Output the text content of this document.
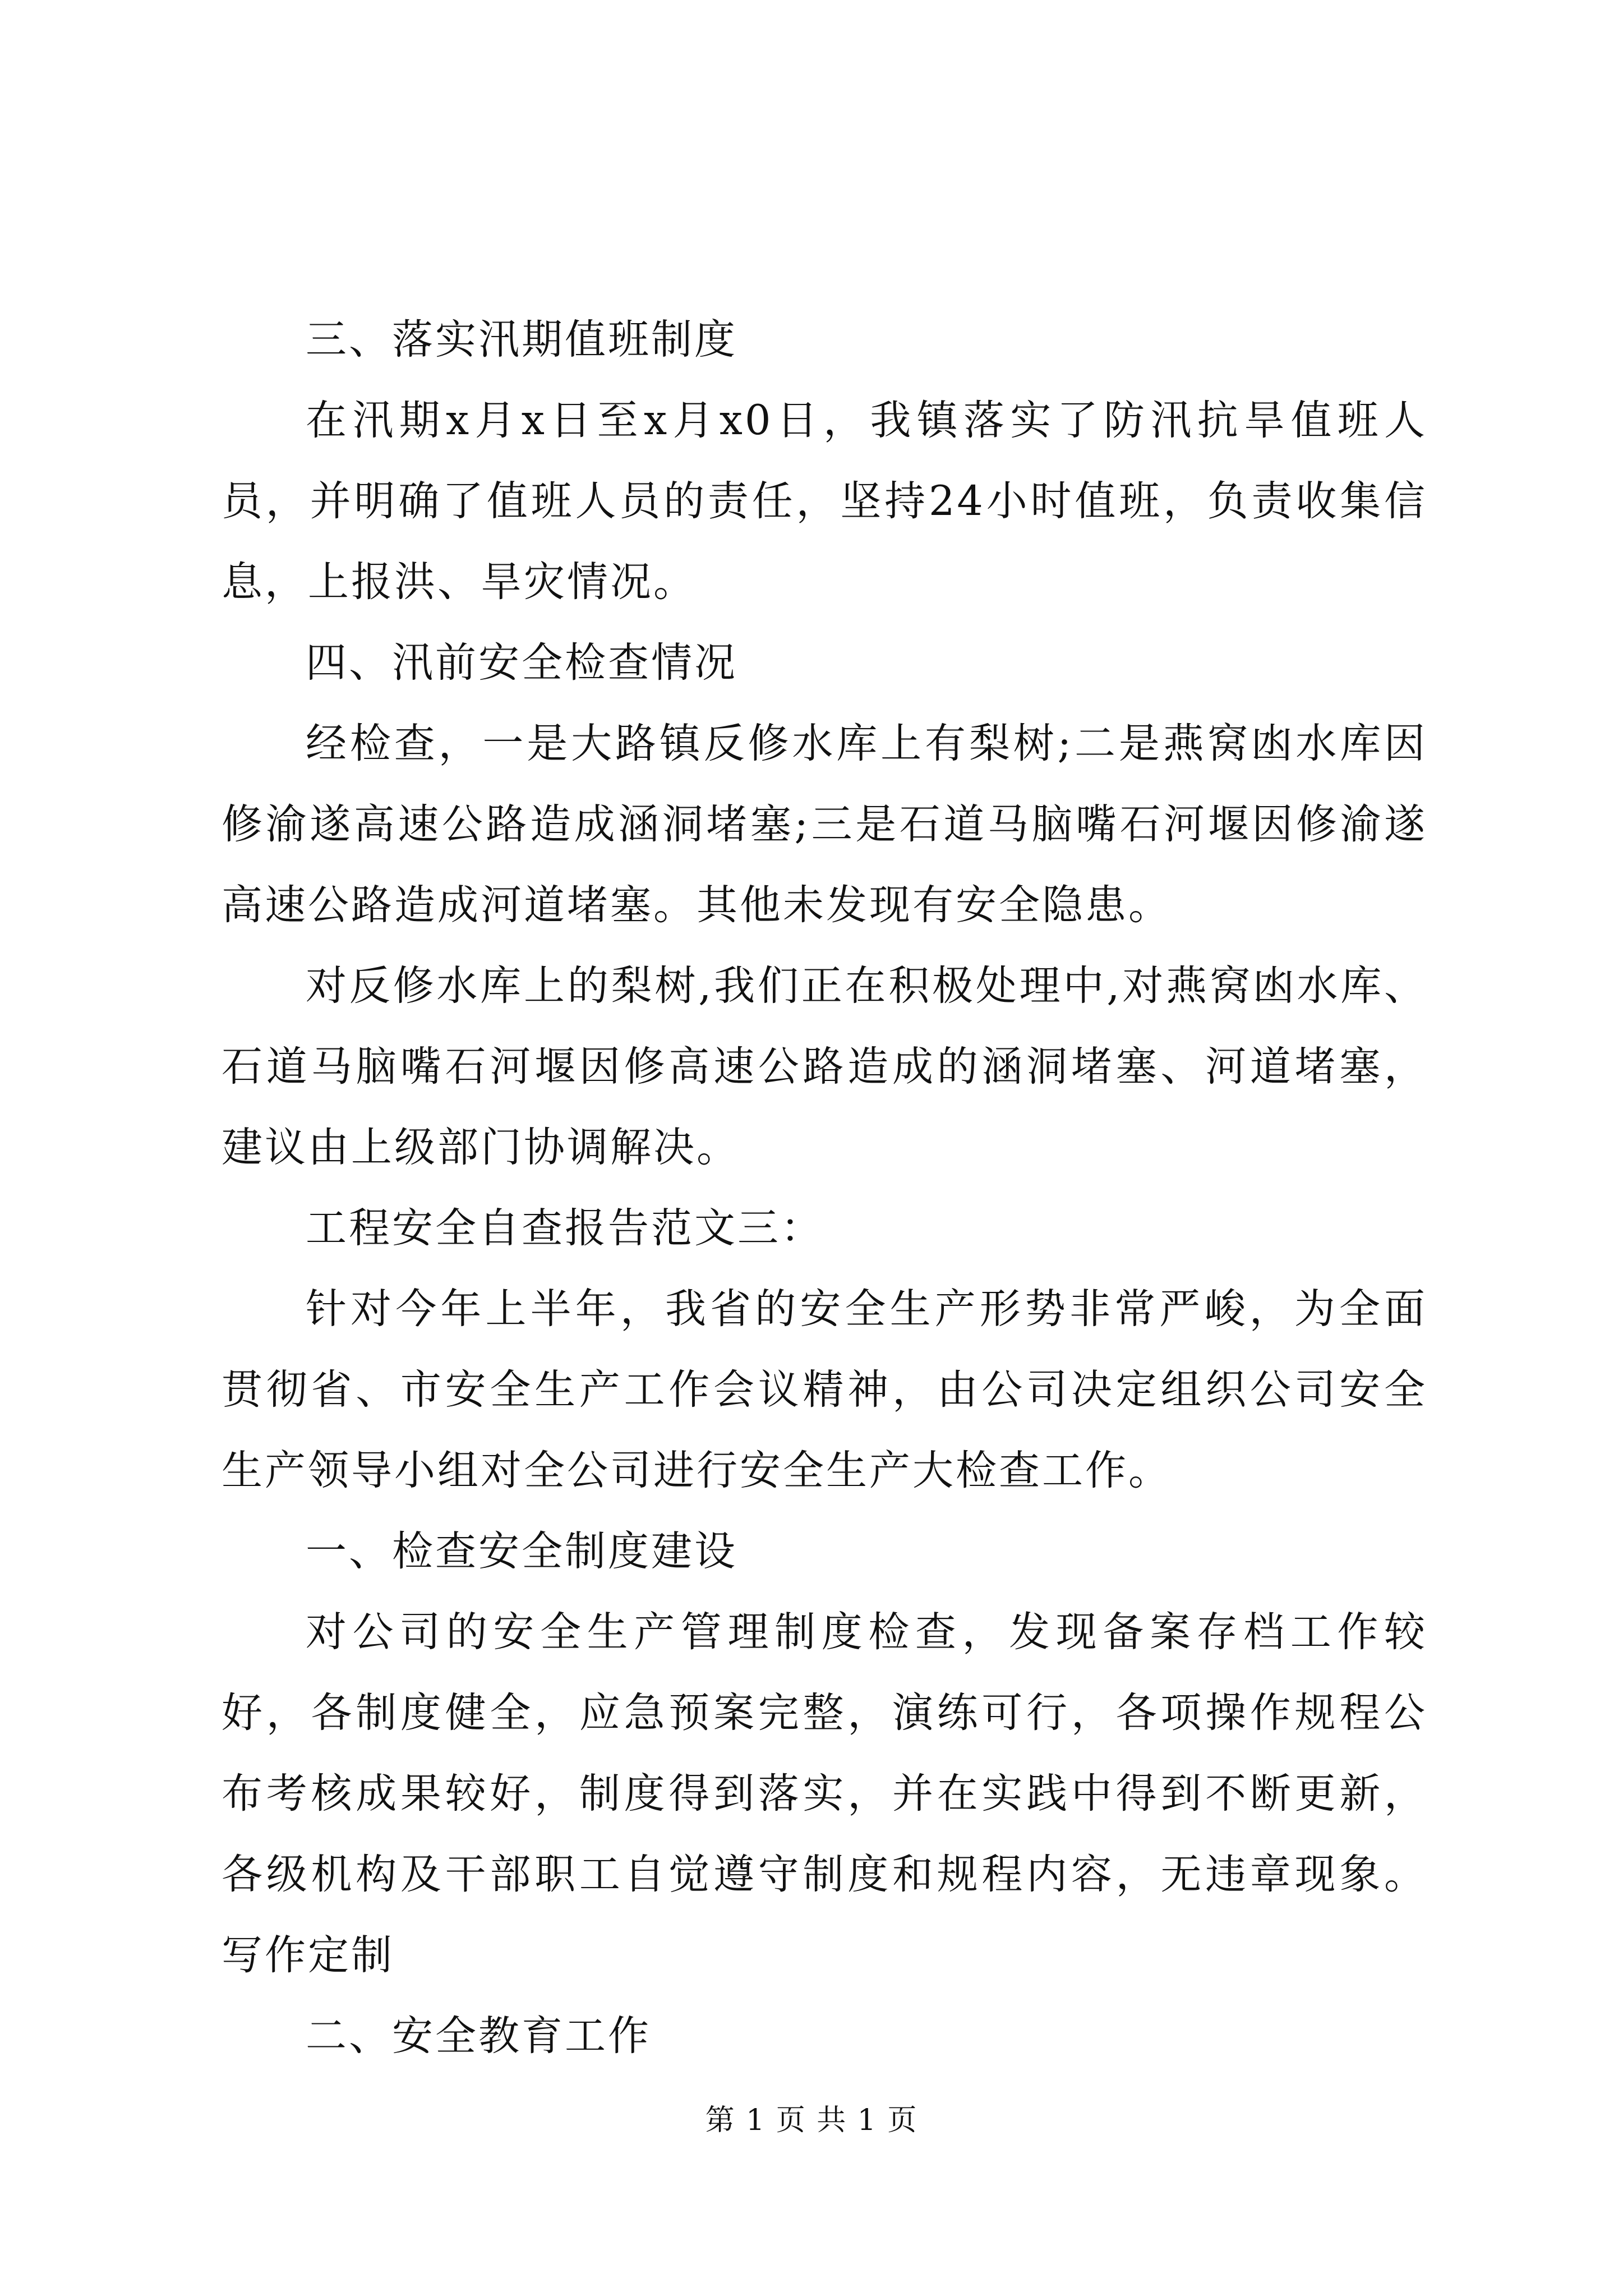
三、落实汛期值班制度

在汛期x月x日至x月x0日，我镇落实了防汛抗旱值班人员，并明确了值班人员的责任，坚持24小时值班，负责收集信息，上报洪、旱灾情况。

四、汛前安全检查情况

经检查，一是大路镇反修水库上有梨树;二是燕窝凼水库因修渝遂高速公路造成涵洞堵塞;三是石道马脑嘴石河堰因修渝遂高速公路造成河道堵塞。其他未发现有安全隐患。

对反修水库上的梨树,我们正在积极处理中,对燕窝凼水库、石道马脑嘴石河堰因修高速公路造成的涵洞堵塞、河道堵塞，建议由上级部门协调解决。

工程安全自查报告范文三：

针对今年上半年，我省的安全生产形势非常严峻，为全面贯彻省、市安全生产工作会议精神，由公司决定组织公司安全生产领导小组对全公司进行安全生产大检查工作。

一、检查安全制度建设

对公司的安全生产管理制度检查，发现备案存档工作较好，各制度健全，应急预案完整，演练可行，各项操作规程公布考核成果较好，制度得到落实，并在实践中得到不断更新，各级机构及干部职工自觉遵守制度和规程内容，无违章现象。写作定制

二、安全教育工作

第 1 页 共 1 页
